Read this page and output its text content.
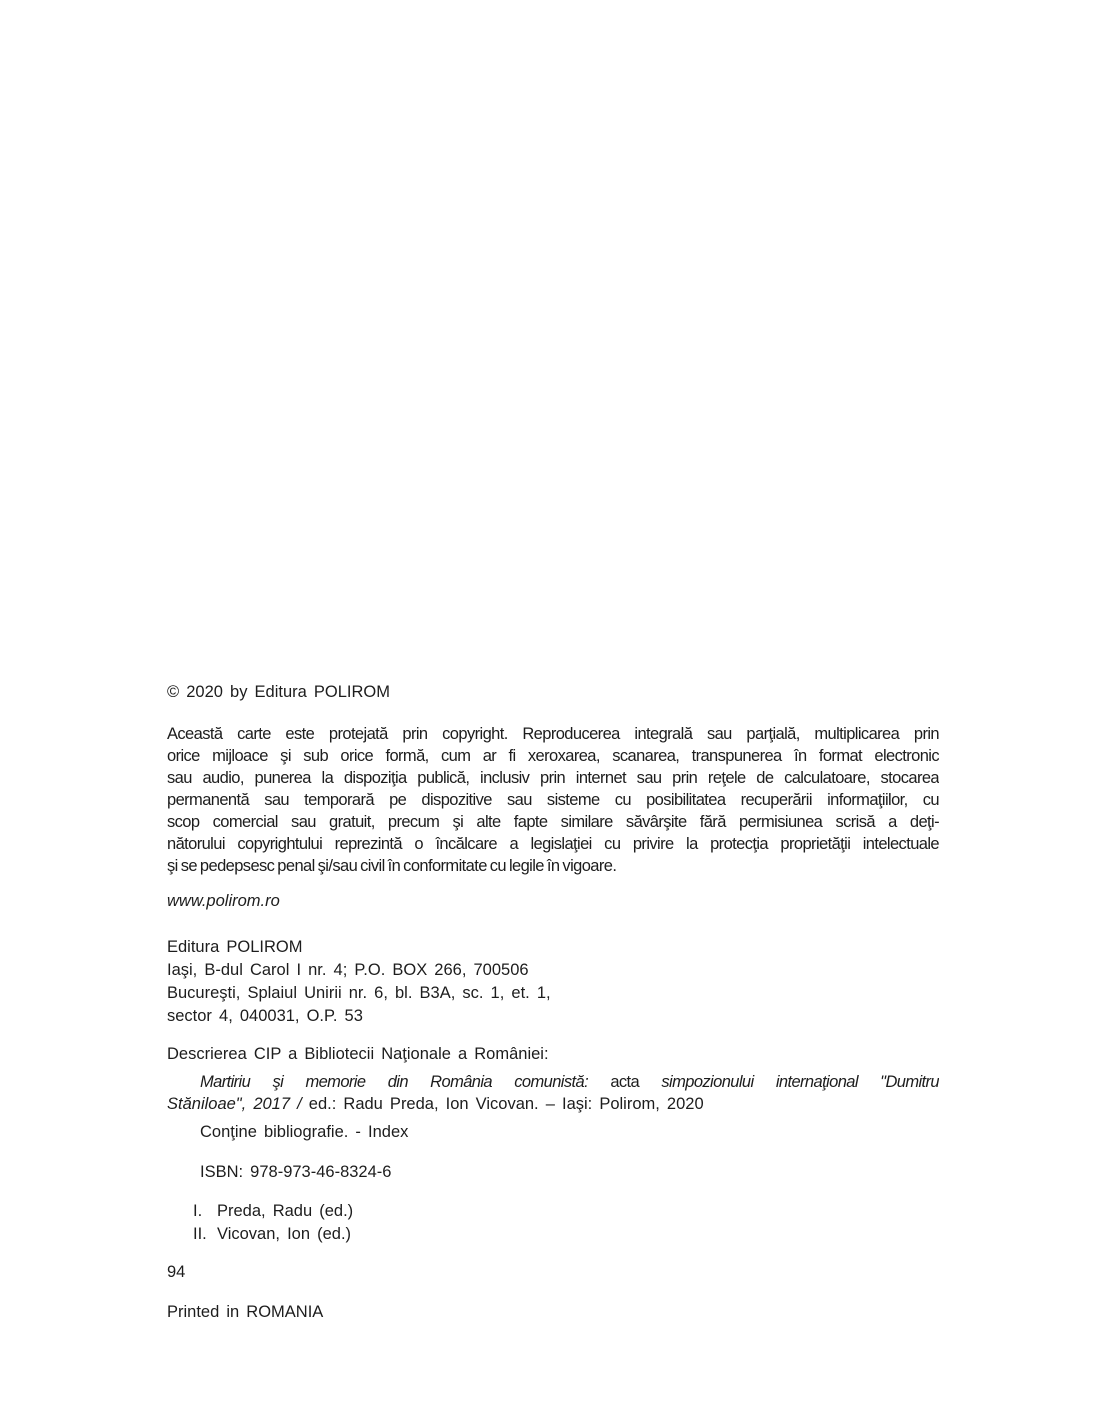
© 2020 by Editura POLIROM
Această carte este protejată prin copyright. Reproducerea integrală sau parţială, multiplicarea prin
orice mijloace şi sub orice formă, cum ar fi xeroxarea, scanarea, transpunerea în format electronic
sau audio, punerea la dispoziţia publică, inclusiv prin internet sau prin reţele de calculatoare, stocarea
permanentă sau temporară pe dispozitive sau sisteme cu posibilitatea recuperării informaţiilor, cu
scop comercial sau gratuit, precum şi alte fapte similare săvârşite fără permisiunea scrisă a deţi-
nătorului copyrightului reprezintă o încălcare a legislaţiei cu privire la protecţia proprietăţii intelectuale
şi se pedepsesc penal şi/sau civil în conformitate cu legile în vigoare.
www.polirom.ro
Editura POLIROM
Iaşi, B-dul Carol I nr. 4; P.O. BOX 266, 700506
Bucureşti, Splaiul Unirii nr. 6, bl. B3A, sc. 1, et. 1,
sector 4, 040031, O.P. 53
Descrierea CIP a Bibliotecii Naţionale a României:
Martiriu şi memorie din România comunistă: acta simpozionului internaţional "Dumitru
Stăniloae", 2017 / ed.: Radu Preda, Ion Vicovan. – Iaşi: Polirom, 2020
Conţine bibliografie. - Index
ISBN: 978-973-46-8324-6
I. Preda, Radu (ed.)
II. Vicovan, Ion (ed.)
94
Printed in ROMANIA
